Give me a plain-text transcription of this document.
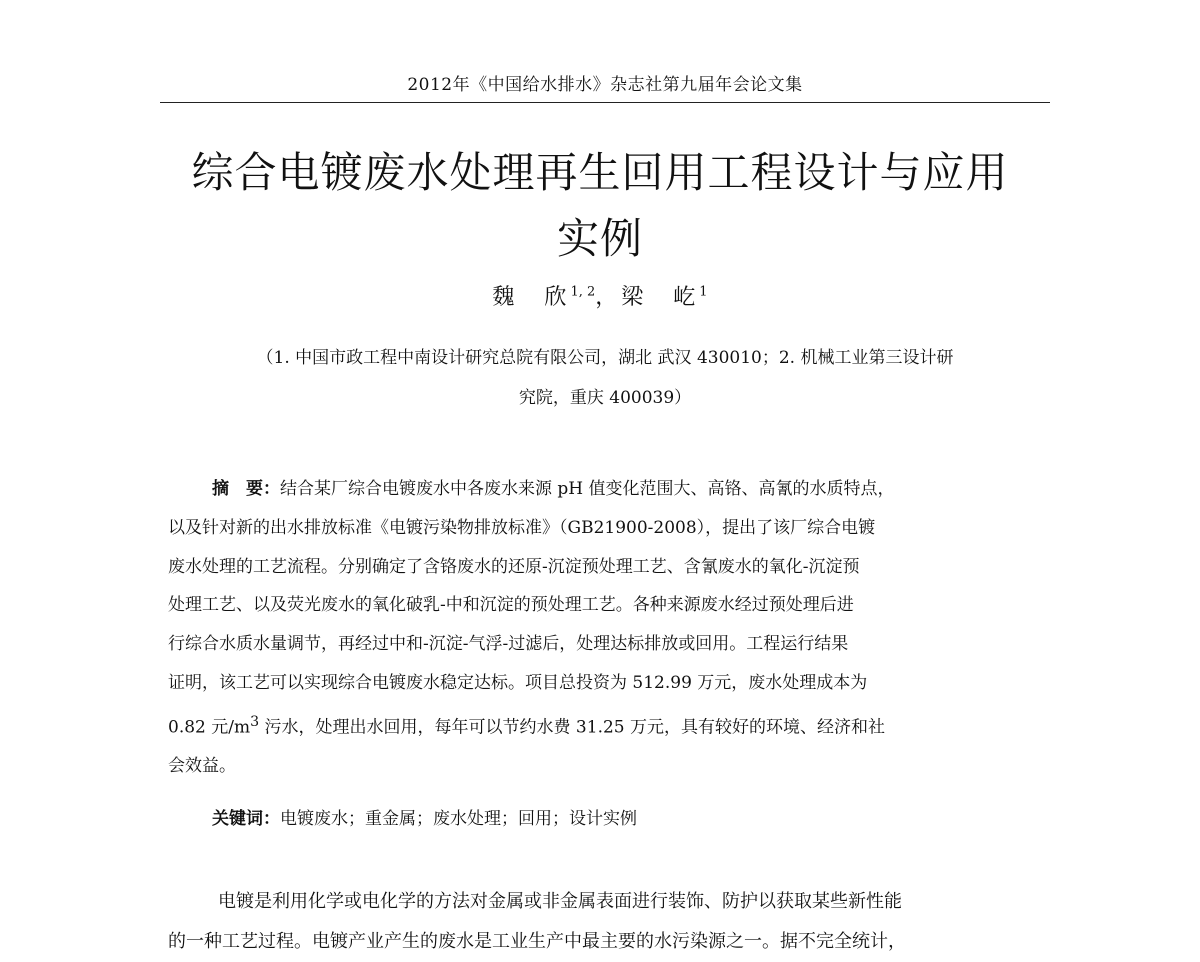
2012年《中国给水排水》杂志社第九届年会论文集
综合电镀废水处理再生回用工程设计与应用
实例
魏　欣$^{1, 2}$，梁　屹$^1$
（1. 中国市政工程中南设计研究总院有限公司，湖北 武汉 430010；2. 机械工业第三设计研
究院，重庆 400039）
摘　要：结合某厂综合电镀废水中各废水来源 pH 值变化范围大、高铬、高氰的水质特点，
以及针对新的出水排放标准《电镀污染物排放标准》（GB21900-2008），提出了该厂综合电镀
废水处理的工艺流程。分别确定了含铬废水的还原-沉淀预处理工艺、含氰废水的氧化-沉淀预
处理工艺、以及荧光废水的氧化破乳-中和沉淀的预处理工艺。各种来源废水经过预处理后进
行综合水质水量调节，再经过中和-沉淀-气浮-过滤后，处理达标排放或回用。工程运行结果
证明，该工艺可以实现综合电镀废水稳定达标。项目总投资为 512.99 万元，废水处理成本为
0.82 元$/m^3$ 污水，处理出水回用，每年可以节约水费 31.25 万元，具有较好的环境、经济和社
会效益。
关键词：电镀废水；重金属；废水处理；回用；设计实例
电镀是利用化学或电化学的方法对金属或非金属表面进行装饰、防护以获取某些新性能
的一种工艺过程。电镀产业产生的废水是工业生产中最主要的水污染源之一。据不完全统计，
